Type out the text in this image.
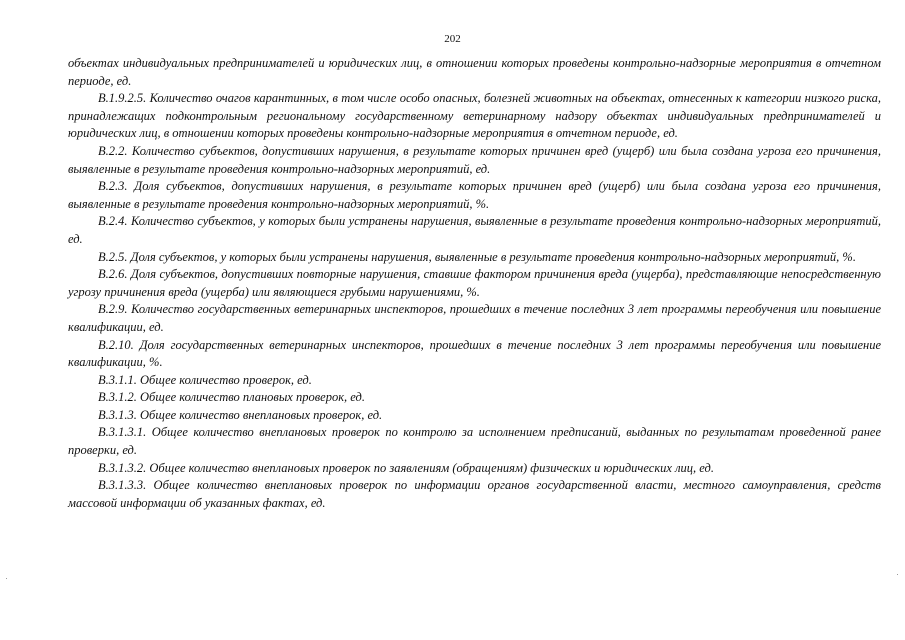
202

объектах индивидуальных предпринимателей и юридических лиц, в отношении которых проведены контрольно-надзорные мероприятия в отчетном периоде, ед.

В.1.9.2.5. Количество очагов карантинных, в том числе особо опасных, болезней животных на объектах, отнесенных к категории низкого риска, принадлежащих подконтрольным региональному государственному ветеринарному надзору объектах индивидуальных предпринимателей и юридических лиц, в отношении которых проведены контрольно-надзорные мероприятия в отчетном периоде, ед.

В.2.2. Количество субъектов, допустивших нарушения, в результате которых причинен вред (ущерб) или была создана угроза его причинения, выявленные в результате проведения контрольно-надзорных мероприятий, ед.

В.2.3. Доля субъектов, допустивших нарушения, в результате которых причинен вред (ущерб) или была создана угроза его причинения, выявленные в результате проведения контрольно-надзорных мероприятий, %.

В.2.4. Количество субъектов, у которых были устранены нарушения, выявленные в результате проведения контрольно-надзорных мероприятий, ед.

В.2.5. Доля субъектов, у которых были устранены нарушения, выявленные в результате проведения контрольно-надзорных мероприятий, %.

В.2.6. Доля субъектов, допустивших повторные нарушения, ставшие фактором причинения вреда (ущерба), представляющие непосредственную угрозу причинения вреда (ущерба) или являющиеся грубыми нарушениями, %.

В.2.9. Количество государственных ветеринарных инспекторов, прошедших в течение последних 3 лет программы переобучения или повышение квалификации, ед.

В.2.10. Доля государственных ветеринарных инспекторов, прошедших в течение последних 3 лет программы переобучения или повышение квалификации, %.

В.3.1.1. Общее количество проверок, ед.

В.3.1.2. Общее количество плановых проверок, ед.

В.3.1.3. Общее количество внеплановых проверок, ед.

В.3.1.3.1. Общее количество внеплановых проверок по контролю за исполнением предписаний, выданных по результатам проведенной ранее проверки, ед.

В.3.1.3.2. Общее количество внеплановых проверок по заявлениям (обращениям) физических и юридических лиц, ед.

В.3.1.3.3. Общее количество внеплановых проверок по информации органов государственной власти, местного самоуправления, средств массовой информации об указанных фактах, ед.
